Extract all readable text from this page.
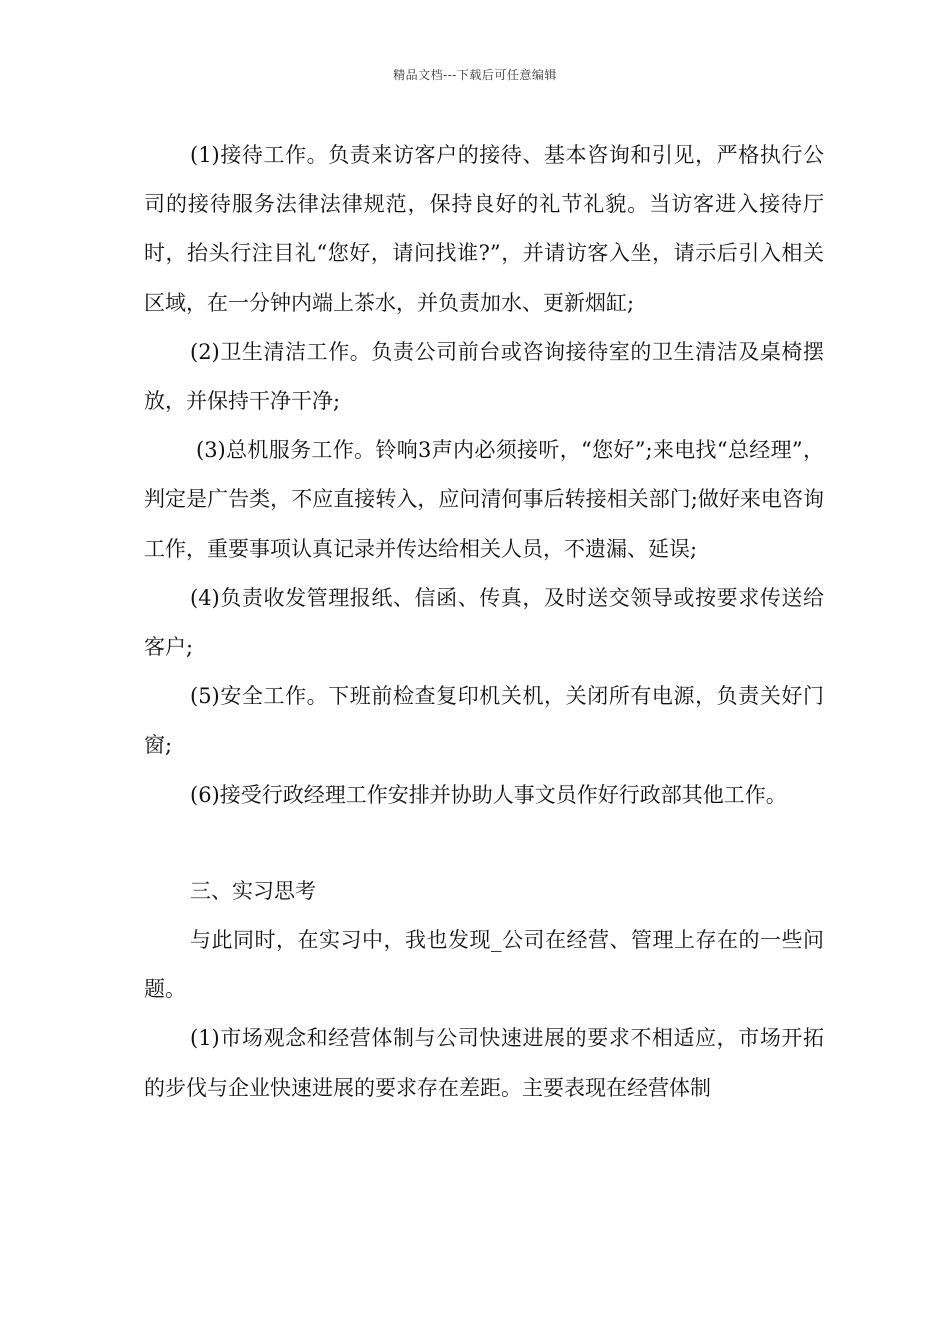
精品文档---下载后可任意编辑

(1)接待工作。负责来访客户的接待、基本咨询和引见，严格执行公司的接待服务法律法律规范，保持良好的礼节礼貌。当访客进入接待厅时，抬头行注目礼“您好，请问找谁?”，并请访客入坐，请示后引入相关区域，在一分钟内端上茶水，并负责加水、更新烟缸;

(2)卫生清洁工作。负责公司前台或咨询接待室的卫生清洁及桌椅摆放，并保持干净干净;

(3)总机服务工作。铃响3声内必须接听，“您好”;来电找“总经理”，判定是广告类，不应直接转入，应问清何事后转接相关部门;做好来电咨询工作，重要事项认真记录并传达给相关人员，不遗漏、延误;

(4)负责收发管理报纸、信函、传真，及时送交领导或按要求传送给客户;

(5)安全工作。下班前检查复印机关机，关闭所有电源，负责关好门窗;

(6)接受行政经理工作安排并协助人事文员作好行政部其他工作。

三、实习思考

与此同时，在实习中，我也发现_公司在经营、管理上存在的一些问题。

(1)市场观念和经营体制与公司快速进展的要求不相适应，市场开拓的步伐与企业快速进展的要求存在差距。主要表现在经营体制
